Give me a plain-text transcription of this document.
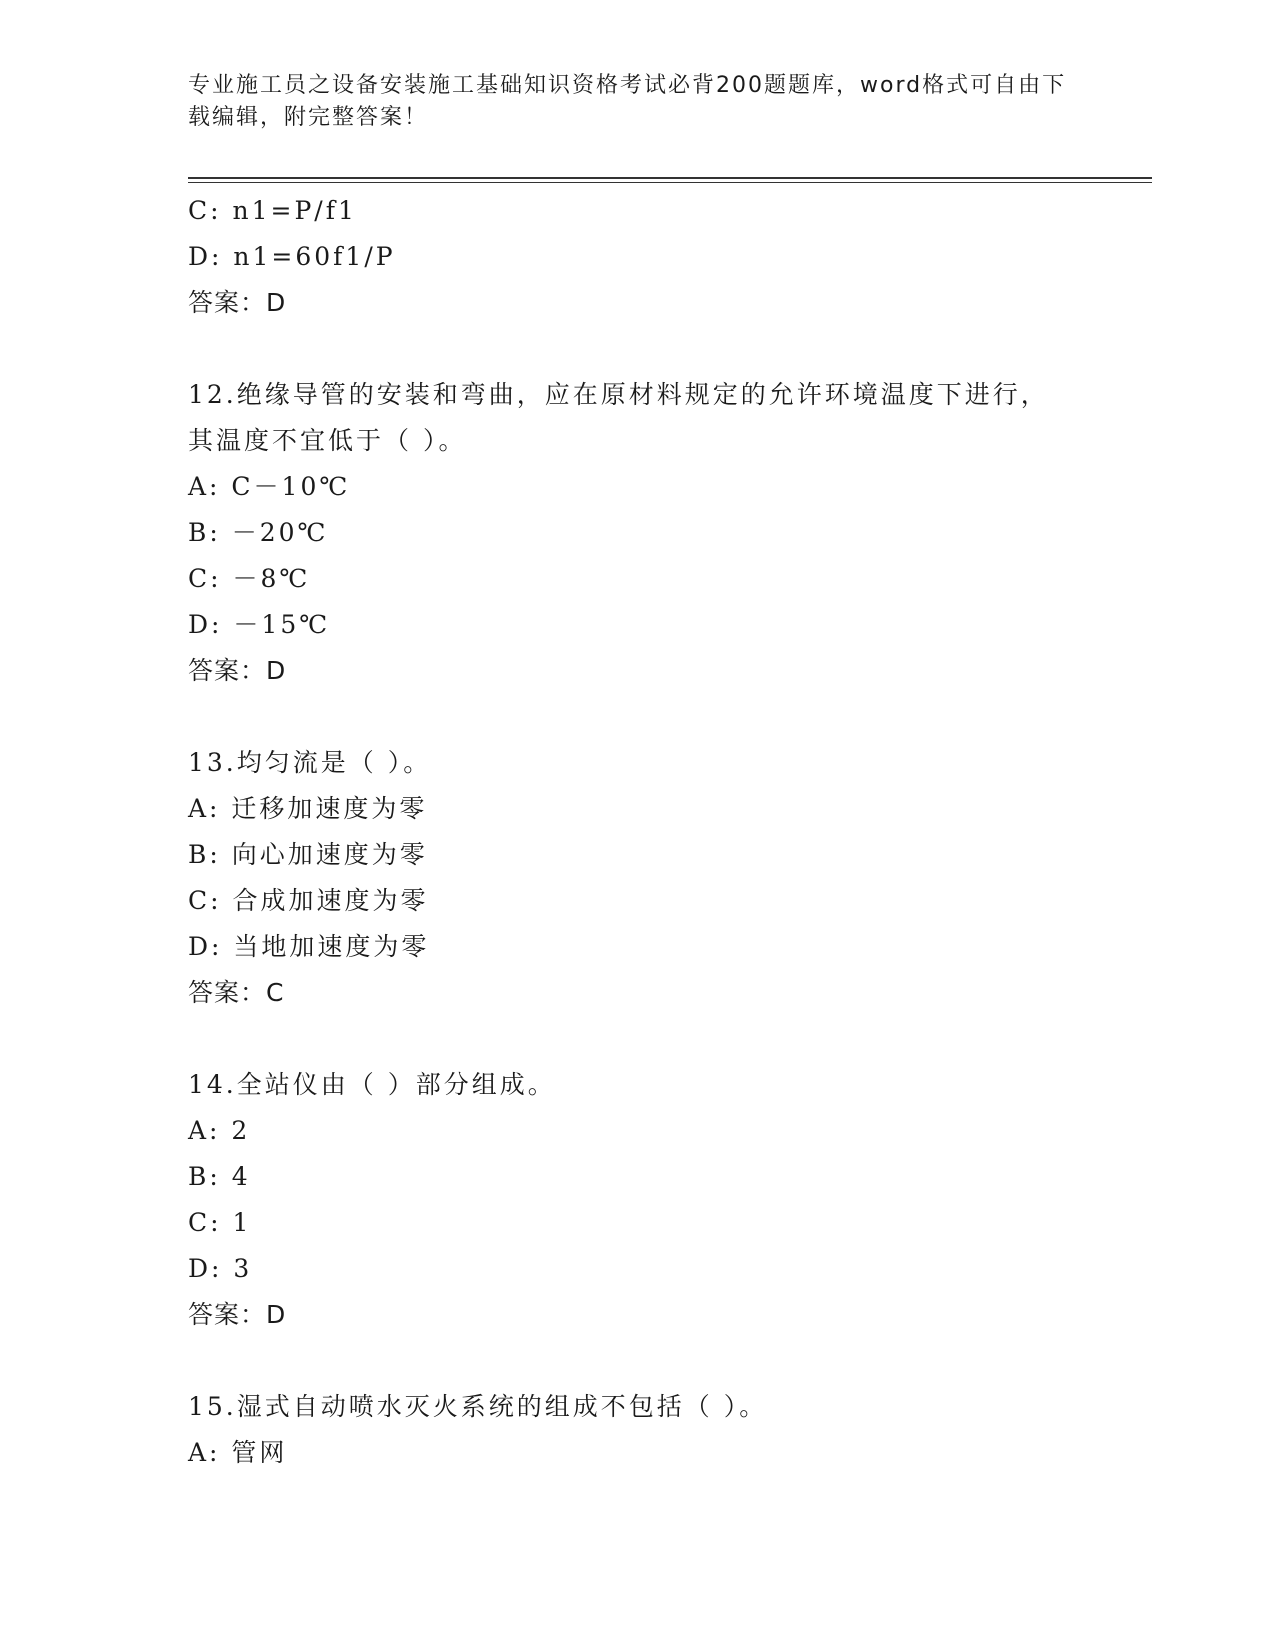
专业施工员之设备安装施工基础知识资格考试必背200题题库，word格式可自由下载编辑，附完整答案！
C: n1=P/f1
D: n1=60f1/P
答案：D
12.绝缘导管的安装和弯曲，应在原材料规定的允许环境温度下进行，
其温度不宜低于（ ）。
A: C－10℃
B: －20℃
C: －8℃
D: －15℃
答案：D
13.均匀流是（ ）。
A: 迁移加速度为零
B: 向心加速度为零
C: 合成加速度为零
D: 当地加速度为零
答案：C
14.全站仪由（ ）部分组成。
A: 2
B: 4
C: 1
D: 3
答案：D
15.湿式自动喷水灭火系统的组成不包括（ ）。
A: 管网
